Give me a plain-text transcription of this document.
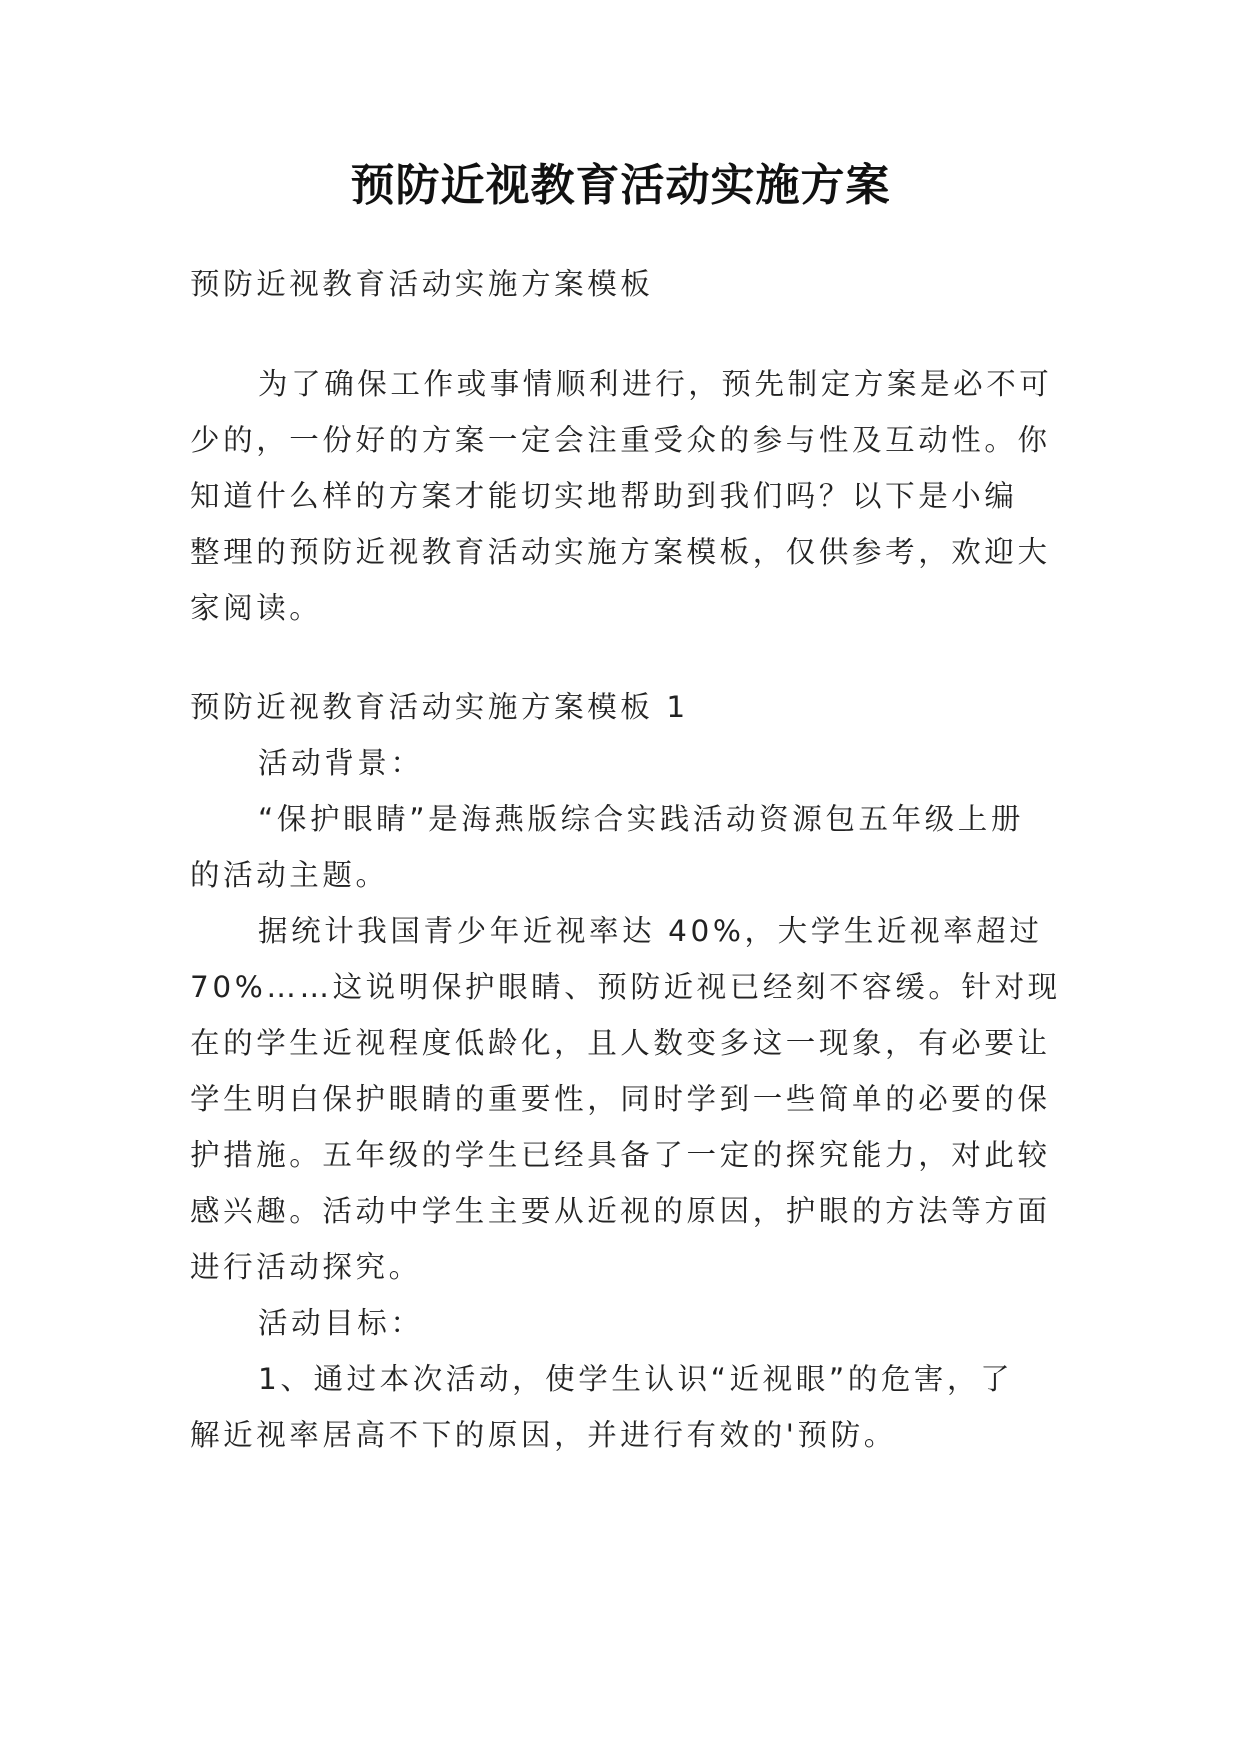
预防近视教育活动实施方案
预防近视教育活动实施方案模板
为了确保工作或事情顺利进行，预先制定方案是必不可
少的，一份好的方案一定会注重受众的参与性及互动性。你
知道什么样的方案才能切实地帮助到我们吗？以下是小编
整理的预防近视教育活动实施方案模板，仅供参考，欢迎大
家阅读。
预防近视教育活动实施方案模板 1
活动背景：
“保护眼睛”是海燕版综合实践活动资源包五年级上册
的活动主题。
据统计我国青少年近视率达 40%，大学生近视率超过
70%……这说明保护眼睛、预防近视已经刻不容缓。针对现
在的学生近视程度低龄化，且人数变多这一现象，有必要让
学生明白保护眼睛的重要性，同时学到一些简单的必要的保
护措施。五年级的学生已经具备了一定的探究能力，对此较
感兴趣。活动中学生主要从近视的原因，护眼的方法等方面
进行活动探究。
活动目标：
1、通过本次活动，使学生认识“近视眼”的危害，了
解近视率居高不下的原因，并进行有效的'预防。
